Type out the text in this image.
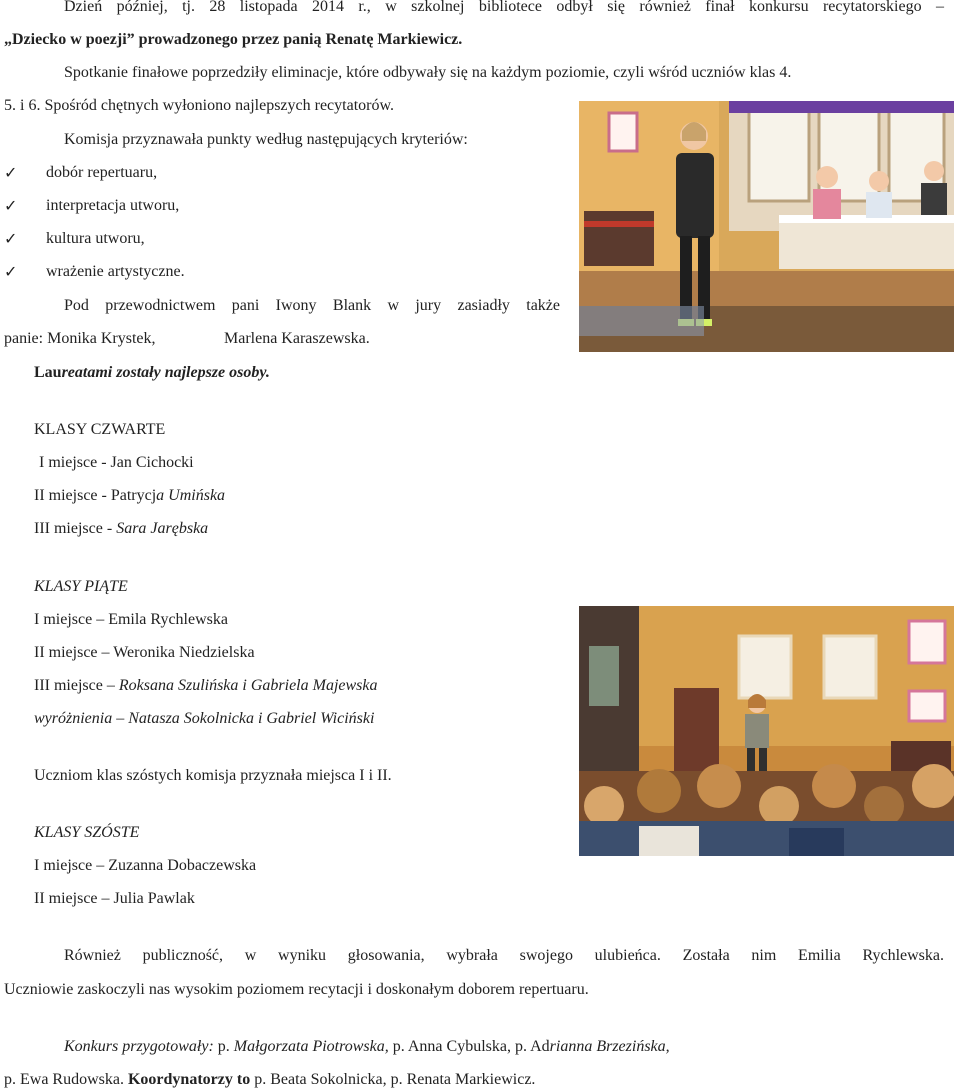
Dzień później, tj. 28 listopada 2014 r., w szkolnej bibliotece odbył się również finał konkursu recytatorskiego –
„Dziecko w poezji” prowadzonego przez panią Renatę Markiewicz.
Spotkanie finałowe poprzedziły eliminacje, które odbywały się na każdym poziomie, czyli wśród uczniów klas 4.
5. i 6. Spośród chętnych wyłoniono najlepszych recytatorów.
Komisja przyznawała punkty według następujących kryteriów:
✓ dobór repertuaru,
✓ interpretacja utworu,
✓ kultura utworu,
✓ wrażenie artystyczne.
Pod przewodnictwem pani Iwony Blank w jury zasiadły także
panie: Monika Krystek,	Marlena Karaszewska.
Laureatami zostały najlepsze osoby.
KLASY CZWARTE
I miejsce - Jan Cichocki
II miejsce - Patrycja Umińska
III miejsce - Sara Jarębska
KLASY PIĄTE
I miejsce – Emila Rychlewska
II miejsce – Weronika Niedzielska
III miejsce – Roksana Szulińska i Gabriela Majewska
wyróżnienia – Natasza Sokolnicka i Gabriel Wiciński
Uczniom klas szóstych komisja przyznała miejsca I i II.
KLASY SZÓSTE
I miejsce – Zuzanna Dobaczewska
II miejsce – Julia Pawlak
Również publiczność, w wyniku głosowania, wybrała swojego ulubieńca. Została nim Emilia Rychlewska.
Uczniowie zaskoczyli nas wysokim poziomem recytacji i doskonałym doborem repertuaru.
Konkurs przygotowały: p. Małgorzata Piotrowska, p. Anna Cybulska, p. Adrianna Brzezińska,
p. Ewa Rudowska. Koordynatorzy to p. Beata Sokolnicka, p. Renata Markiewicz.
